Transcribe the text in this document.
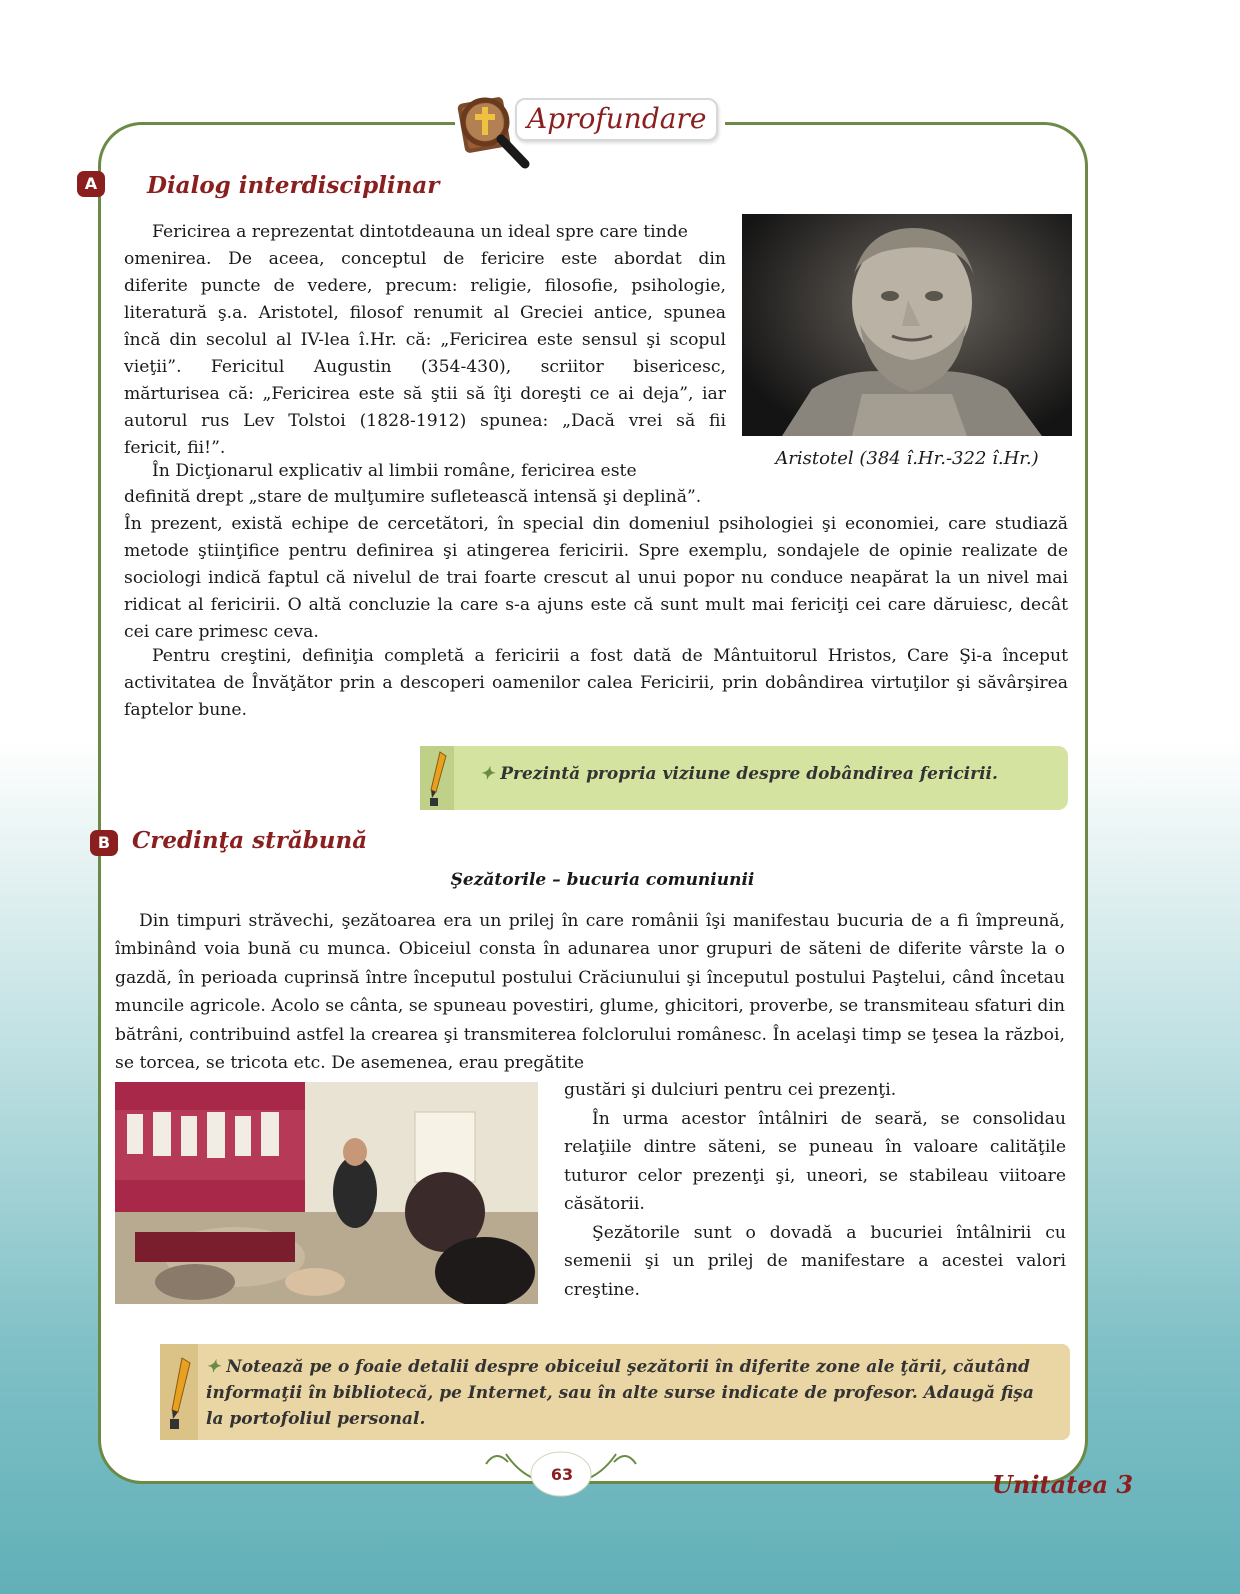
Aprofundare
A	Dialog interdisciplinar
Fericirea a reprezentat dintotdeauna un ideal spre care tinde
omenirea. De aceea, conceptul de fericire este abordat din
diferite puncte de vedere, precum: religie, filosofie, psihologie,
literatură ş.a. Aristotel, filosof renumit al Greciei antice, spunea
încă din secolul al IV-lea î.Hr. că: „Fericirea este sensul şi scopul
vieţii”. Fericitul Augustin (354-430), scriitor bisericesc,
mărturisea că: „Fericirea este să ştii să îţi doreşti ce ai deja”, iar
autorul rus Lev Tolstoi (1828-1912) spunea: „Dacă vrei să fii
fericit, fii!”.
În Dicţionarul explicativ al limbii române, fericirea este
definită drept „stare de mulţumire sufletească intensă şi deplină”.
Aristotel (384 î.Hr.-322 î.Hr.)

În prezent, există echipe de cercetători, în special din domeniul psihologiei şi economiei, care studiază metode ştiinţifice pentru definirea şi atingerea fericirii. Spre exemplu, sondajele de opinie realizate de sociologi indică faptul că nivelul de trai foarte crescut al unui popor nu conduce neapărat la un nivel mai ridicat al fericirii. O altă concluzie la care s-a ajuns este că sunt mult mai fericiţi cei care dăruiesc, decât cei care primesc ceva.

Pentru creştini, definiţia completă a fericirii a fost dată de Mântuitorul Hristos, Care Şi-a început activitatea de Învăţător prin a descoperi oamenilor calea Fericirii, prin dobândirea virtuţilor şi săvârşirea faptelor bune.

✦ Prezintă propria viziune despre dobândirea fericirii.
B Credinţa străbună
Şezătorile – bucuria comuniunii

Din timpuri străvechi, şezătoarea era un prilej în care românii îşi manifestau bucuria de a fi împreună, îmbinând voia bună cu munca. Obiceiul consta în adunarea unor grupuri de săteni de diferite vârste la o gazdă, în perioada cuprinsă între începutul postului Crăciunului şi începutul postului Paştelui, când încetau muncile agricole. Acolo se cânta, se spuneau povestiri, glume, ghicitori, proverbe, se transmiteau sfaturi din bătrâni, contribuind astfel la crearea şi transmiterea folclorului românesc. În acelaşi timp se ţesea la război, se torcea, se tricota etc. De asemenea, erau pregătite

gustări şi dulciuri pentru cei prezenţi.

În urma acestor întâlniri de seară, se consolidau relaţiile dintre săteni, se puneau în valoare calităţile tuturor celor prezenţi şi, uneori, se stabileau viitoare căsătorii.

Şezătorile sunt o dovadă a bucuriei întâlnirii cu semenii şi un prilej de manifestare a acestei valori creştine.

✦ Notează pe o foaie detalii despre obiceiul şezătorii în diferite zone ale ţării, căutând informaţii în bibliotecă, pe Internet, sau în alte surse indicate de profesor. Adaugă fişa la portofoliul personal.
63	Unitatea 3
